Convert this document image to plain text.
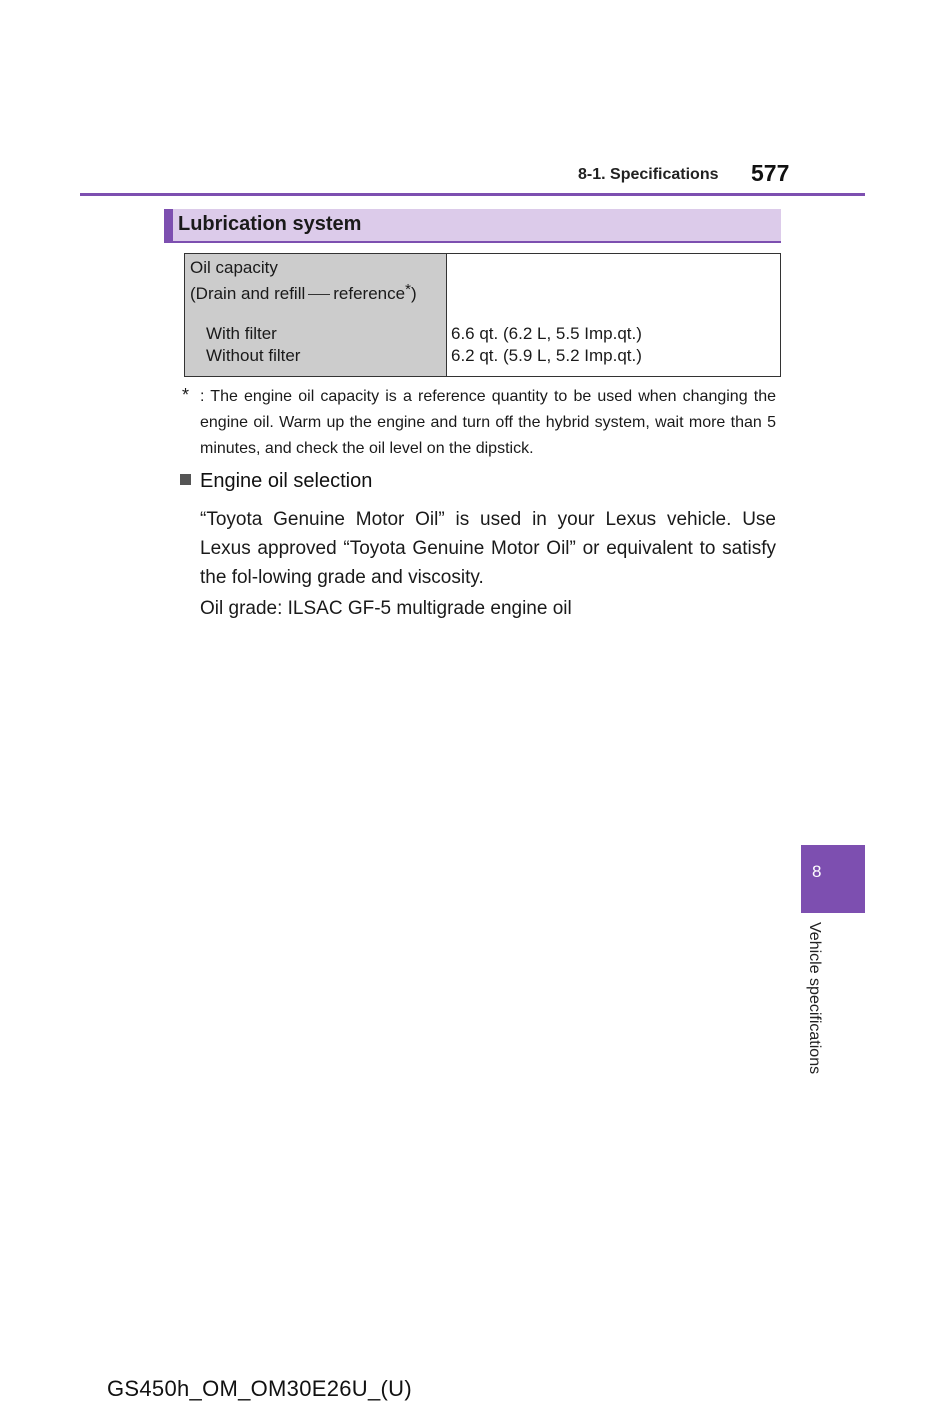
8-1. Specifications 577
Lubrication system
Oil capacity
(Drain and refill reference*)
With filter
Without filter
6.6 qt. (6.2 L, 5.5 Imp.qt.)
6.2 qt. (5.9 L, 5.2 Imp.qt.)
* : The engine oil capacity is a reference quantity to be used when changing the engine oil. Warm up the engine and turn off the hybrid system, wait more than 5 minutes, and check the oil level on the dipstick.
Engine oil selection
“Toyota Genuine Motor Oil” is used in your Lexus vehicle. Use Lexus approved “Toyota Genuine Motor Oil” or equivalent to satisfy the fol-lowing grade and viscosity.
Oil grade: ILSAC GF-5 multigrade engine oil
8
Vehicle specifications
GS450h_OM_OM30E26U_(U)
